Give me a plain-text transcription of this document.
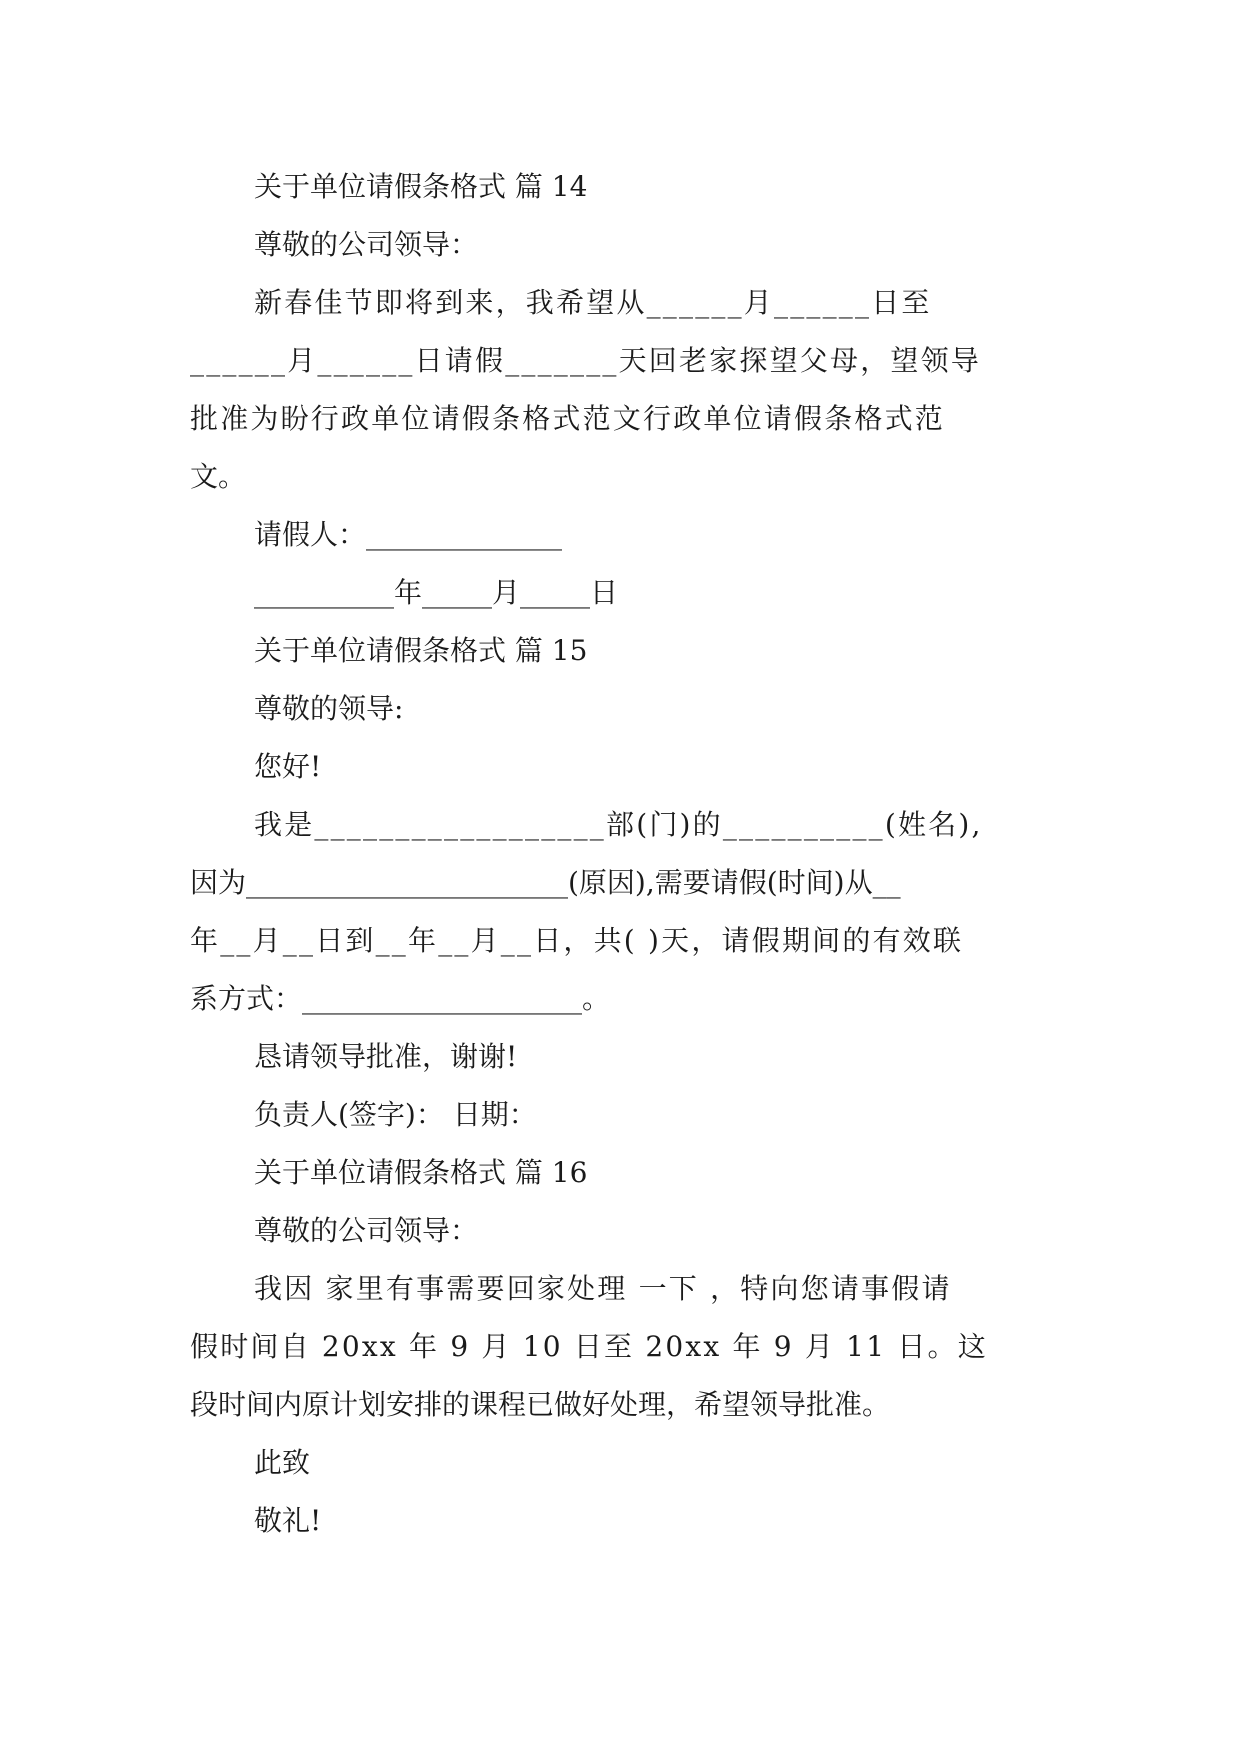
关于单位请假条格式 篇 14
尊敬的公司领导：
新春佳节即将到来，我希望从______月______日至
______月______日请假_______天回老家探望父母，望领导
批准为盼行政单位请假条格式范文行政单位请假条格式范
文。
请假人：______________
__________年_____月_____日
关于单位请假条格式 篇 15
尊敬的领导:
您好!
我是__________________部(门)的__________(姓名),
因为_______________________(原因),需要请假(时间)从__
年__月__日到__年__月__日，共( )天，请假期间的有效联
系方式：____________________。
恳请领导批准，谢谢!
负责人(签字)： 日期：
关于单位请假条格式 篇 16
尊敬的公司领导：
我因 家里有事需要回家处理 一下 ，特向您请事假请
假时间自 20xx 年 9 月 10 日至 20xx 年 9 月 11 日。这
段时间内原计划安排的课程已做好处理，希望领导批准。
此致
敬礼!
